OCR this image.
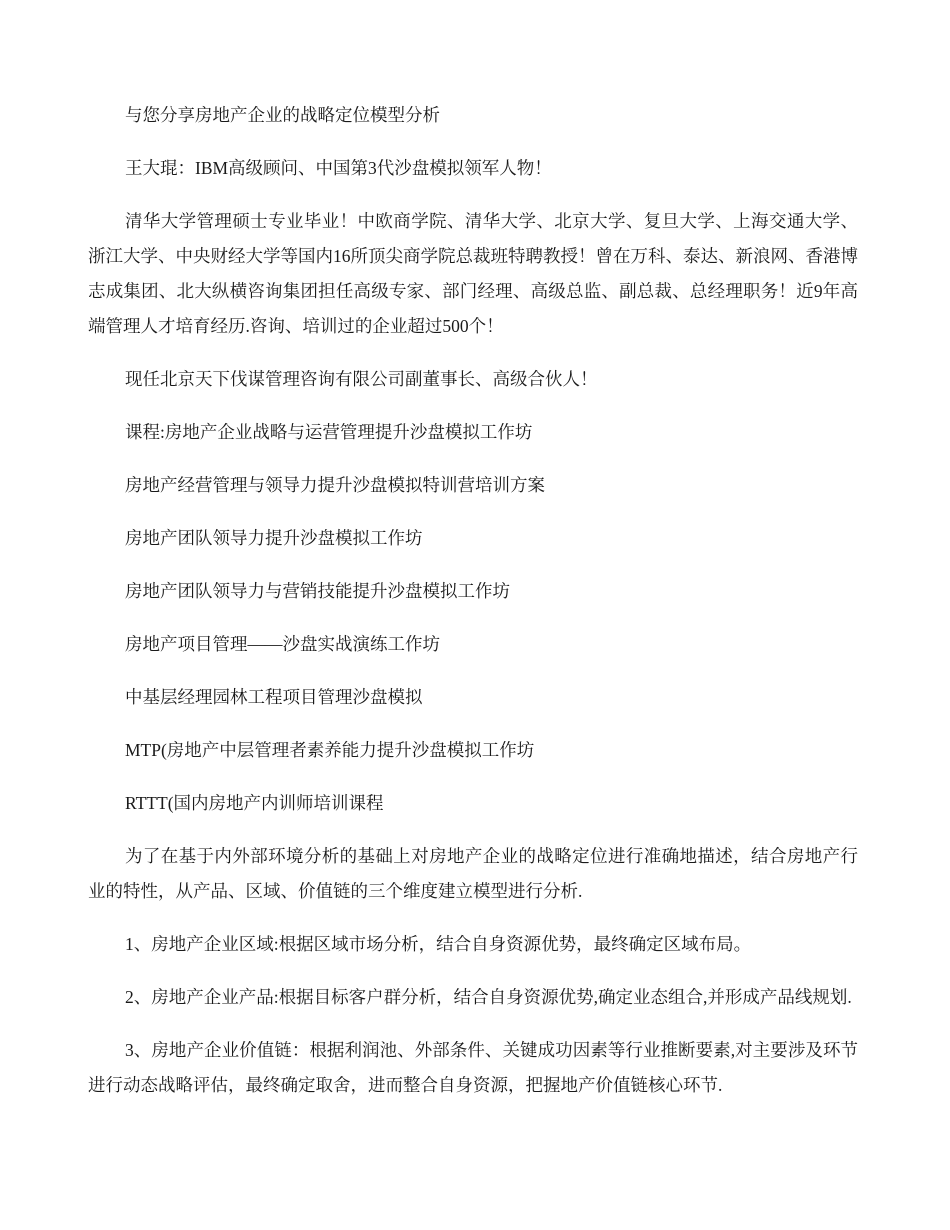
与您分享房地产企业的战略定位模型分析

王大琨：IBM高级顾问、中国第3代沙盘模拟领军人物！

清华大学管理硕士专业毕业！中欧商学院、清华大学、北京大学、复旦大学、上海交通大学、浙江大学、中央财经大学等国内16所顶尖商学院总裁班特聘教授！曾在万科、泰达、新浪网、香港博志成集团、北大纵横咨询集团担任高级专家、部门经理、高级总监、副总裁、总经理职务！近9年高端管理人才培育经历.咨询、培训过的企业超过500个！

现任北京天下伐谋管理咨询有限公司副董事长、高级合伙人！

课程:房地产企业战略与运营管理提升沙盘模拟工作坊

房地产经营管理与领导力提升沙盘模拟特训营培训方案

房地产团队领导力提升沙盘模拟工作坊

房地产团队领导力与营销技能提升沙盘模拟工作坊

房地产项目管理——沙盘实战演练工作坊

中基层经理园林工程项目管理沙盘模拟

MTP(房地产中层管理者素养能力提升沙盘模拟工作坊

RTTT(国内房地产内训师培训课程

为了在基于内外部环境分析的基础上对房地产企业的战略定位进行准确地描述，结合房地产行业的特性，从产品、区域、价值链的三个维度建立模型进行分析.

1、房地产企业区域:根据区域市场分析，结合自身资源优势，最终确定区域布局。

2、房地产企业产品:根据目标客户群分析，结合自身资源优势,确定业态组合,并形成产品线规划.

3、房地产企业价值链：根据利润池、外部条件、关键成功因素等行业推断要素,对主要涉及环节进行动态战略评估，最终确定取舍，进而整合自身资源，把握地产价值链核心环节.
